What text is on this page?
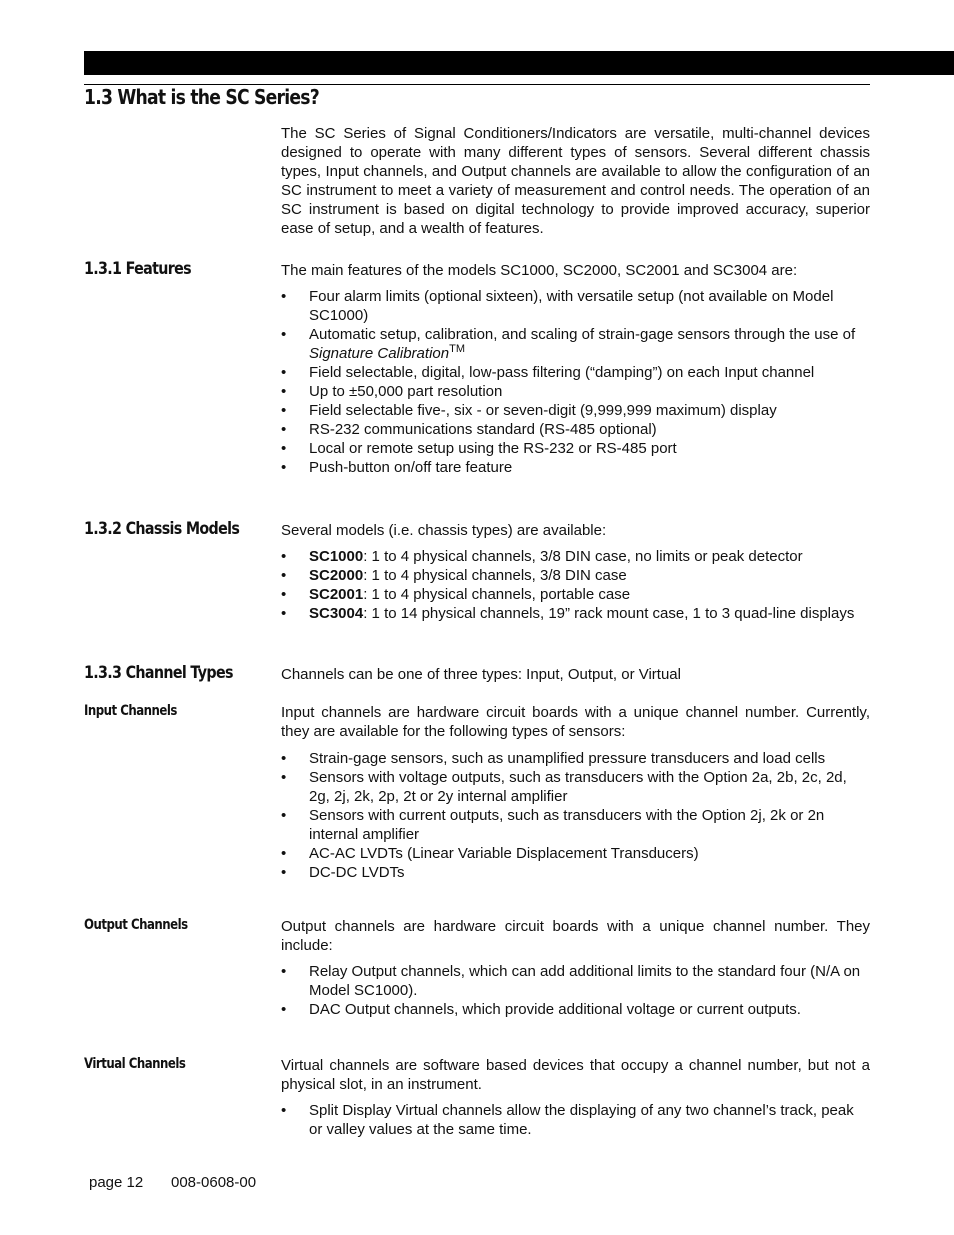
1.3 What is the SC Series?

The SC Series of Signal Conditioners/Indicators are versatile, multi-channel devices designed to operate with many different types of sensors. Several different chassis types, Input channels, and Output channels are available to allow the configuration of an SC instrument to meet a variety of measurement and control needs. The operation of an SC instrument is based on digital technology to provide improved accuracy, superior ease of setup, and a wealth of features.

1.3.1 Features	The main features of the models SC1000, SC2000, SC2001 and SC3004 are:

• Four alarm limits (optional sixteen), with versatile setup (not available on Model SC1000)
• Automatic setup, calibration, and scaling of strain-gage sensors through the use of Signature Calibration™
• Field selectable, digital, low-pass filtering (“damping”) on each Input channel
• Up to ±50,000 part resolution
• Field selectable five-, six - or seven-digit (9,999,999 maximum) display
• RS-232 communications standard (RS-485 optional)
• Local or remote setup using the RS-232 or RS-485 port
• Push-button on/off tare feature
1.3.2 Chassis Models	Several models (i.e. chassis types) are available:

• SC1000: 1 to 4 physical channels, 3/8 DIN case, no limits or peak detector
• SC2000: 1 to 4 physical channels, 3/8 DIN case
• SC2001: 1 to 4 physical channels, portable case
• SC3004: 1 to 14 physical channels, 19” rack mount case, 1 to 3 quad-line displays
1.3.3 Channel Types	Channels can be one of three types: Input, Output, or Virtual

Input Channels	Input channels are hardware circuit boards with a unique channel number. Currently, they are available for the following types of sensors:

• Strain-gage sensors, such as unamplified pressure transducers and load cells
• Sensors with voltage outputs, such as transducers with the Option 2a, 2b, 2c, 2d, 2g, 2j, 2k, 2p, 2t or 2y internal amplifier
• Sensors with current outputs, such as transducers with the Option 2j, 2k or 2n internal amplifier
• AC-AC LVDTs (Linear Variable Displacement Transducers)
• DC-DC LVDTs
Output Channels	Output channels are hardware circuit boards with a unique channel number. They include:

• Relay Output channels, which can add additional limits to the standard four (N/A on Model SC1000).
• DAC Output channels, which provide additional voltage or current outputs.
Virtual Channels	Virtual channels are software based devices that occupy a channel number, but not a physical slot, in an instrument.

• Split Display Virtual channels allow the displaying of any two channel’s track, peak or valley values at the same time.
page 12 008-0608-00
